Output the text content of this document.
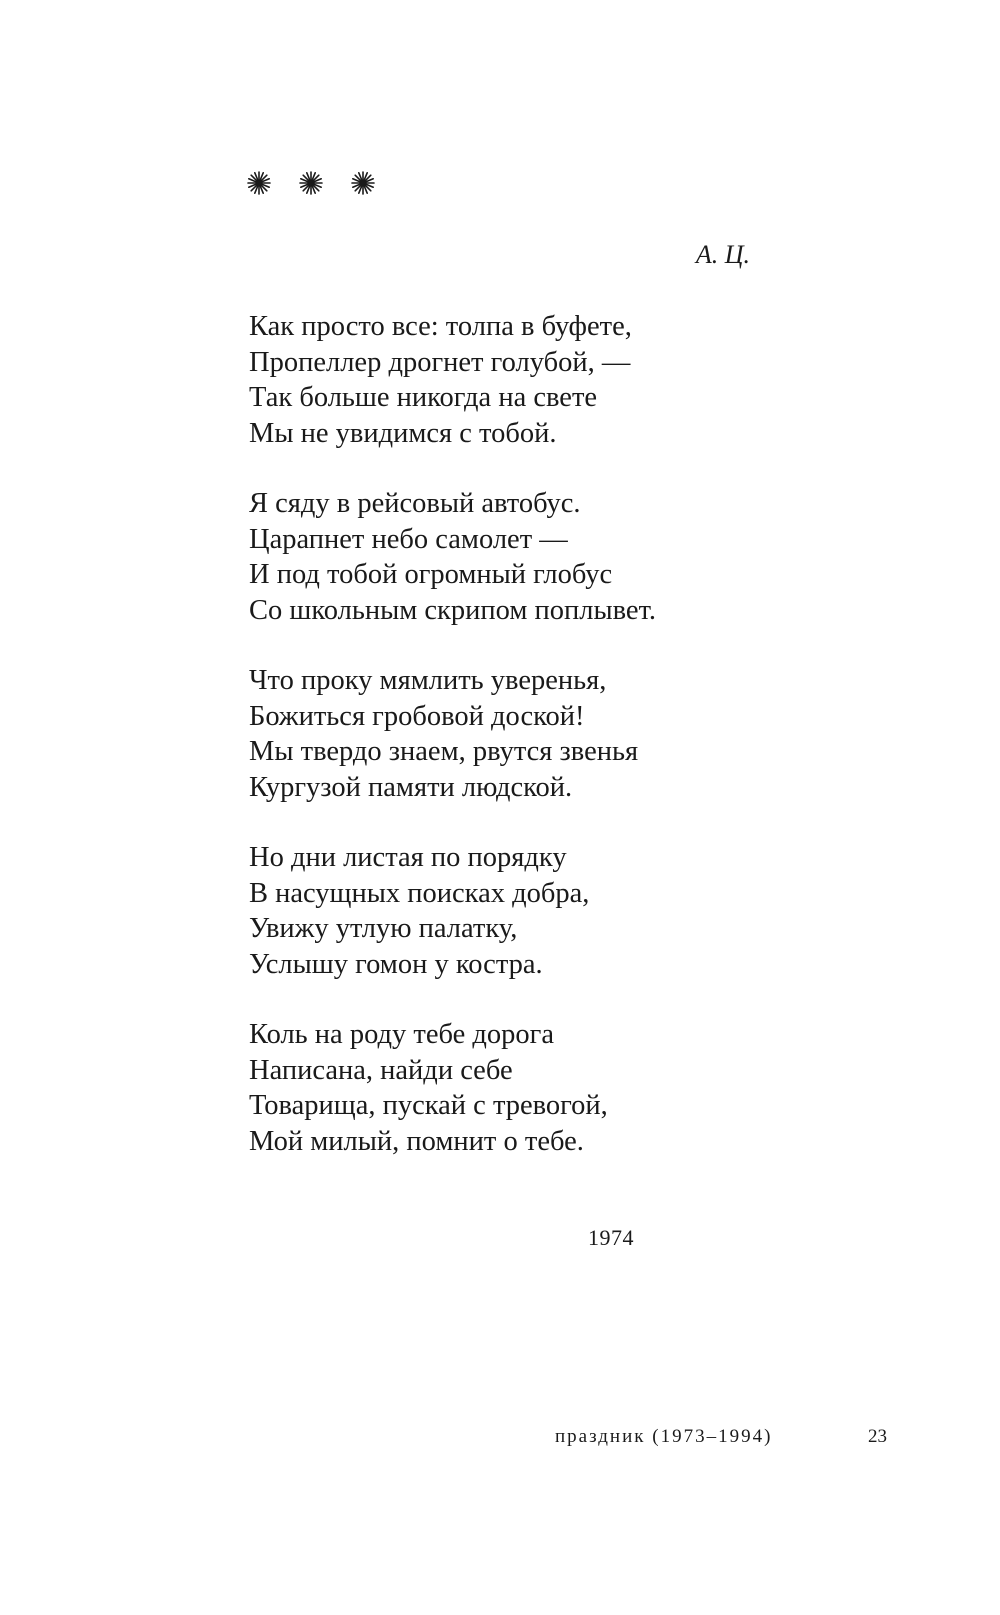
А. Ц.
Как просто все: толпа в буфете,
Пропеллер дрогнет голубой, —
Так больше никогда на свете
Мы не увидимся с тобой.
Я сяду в рейсовый автобус.
Царапнет небо самолет —
И под тобой огромный глобус
Со школьным скрипом поплывет.
Что проку мямлить уверенья,
Божиться гробовой доской!
Мы твердо знаем, рвутся звенья
Кургузой памяти людской.
Но дни листая по порядку
В насущных поисках добра,
Увижу утлую палатку,
Услышу гомон у костра.
Коль на роду тебе дорога
Написана, найди себе
Товарища, пускай с тревогой,
Мой милый, помнит о тебе.
1974
праздник (1973–1994)	23
